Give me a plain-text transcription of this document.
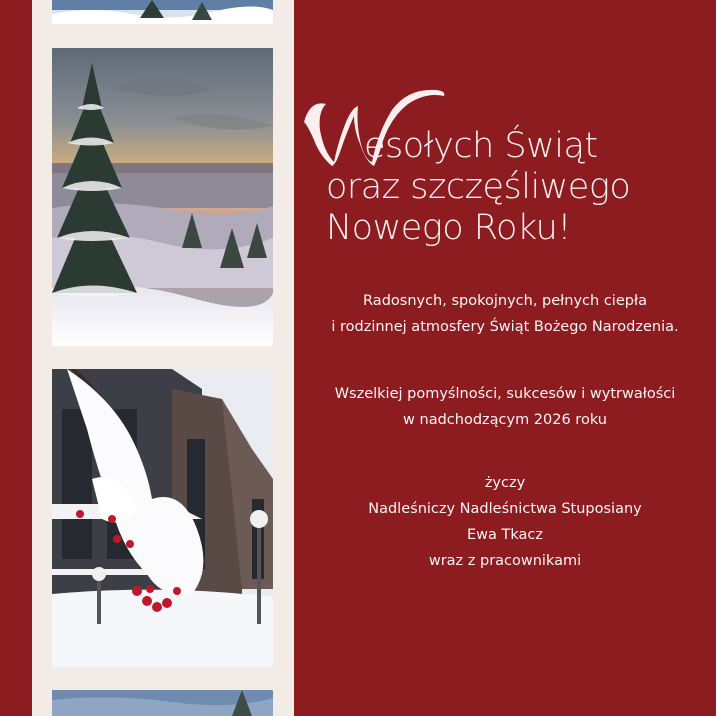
esołych Świąt
oraz szczęśliwego
Nowego Roku!
Radosnych, spokojnych, pełnych ciepła
i rodzinnej atmosfery Świąt Bożego Narodzenia.
Wszelkiej pomyślności, sukcesów i wytrwałości
w nadchodzącym 2026 roku
życzy
Nadleśniczy Nadleśnictwa Stuposiany
Ewa Tkacz
wraz z pracownikami
